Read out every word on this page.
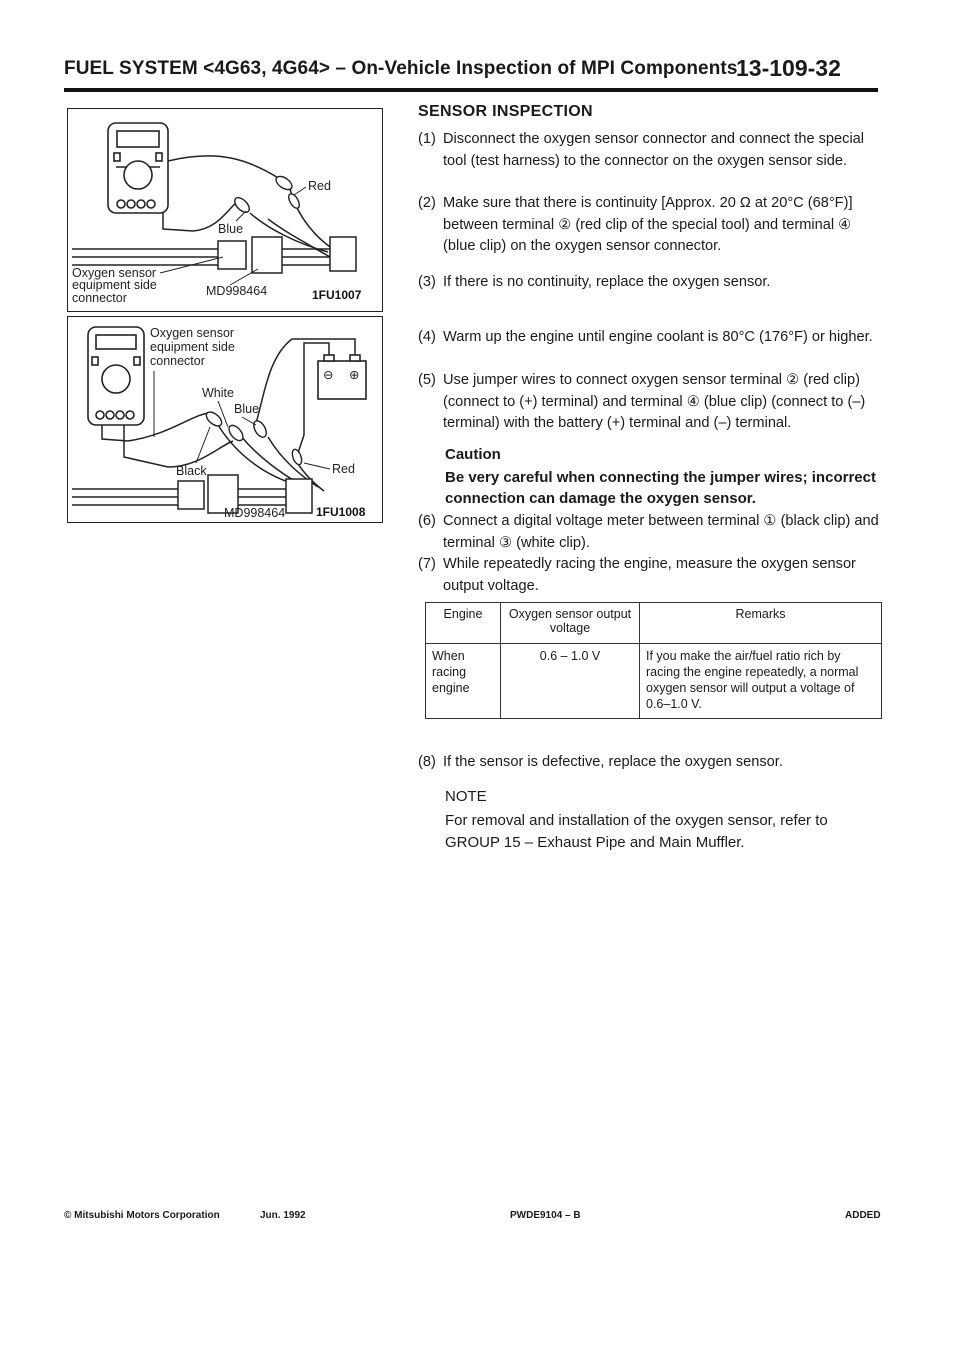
FUEL SYSTEM <4G63, 4G64> – On-Vehicle Inspection of MPI Components
13-109-32
Red
Blue
Oxygen sensor
equipment side
connector	MD998464	1FU1007
⊖ ⊕
Oxygen sensor
equipment side
connector
White
Blue
Black	Red
MD998464	1FU1008
SENSOR INSPECTION
(1) Disconnect the oxygen sensor connector and connect the special tool (test harness) to the connector on the oxygen sensor side.
(2) Make sure that there is continuity [Approx. 20 Ω at 20°C (68°F)] between terminal ② (red clip of the special tool) and terminal ④ (blue clip) on the oxygen sensor connector.
(3) If there is no continuity, replace the oxygen sensor.
(4) Warm up the engine until engine coolant is 80°C (176°F) or higher.
(5) Use jumper wires to connect oxygen sensor terminal ② (red clip) (connect to (+) terminal) and terminal ④ (blue clip) (connect to (–) terminal) with the battery (+) terminal and (–) terminal.
Caution
Be very careful when connecting the jumper wires; incorrect connection can damage the oxygen sensor.
(6) Connect a digital voltage meter between terminal ① (black clip) and terminal ③ (white clip).
(7) While repeatedly racing the engine, measure the oxygen sensor output voltage.
Engine	Oxygen sensor output voltage	Remarks
When racing engine	0.6 – 1.0 V	If you make the air/fuel ratio rich by racing the engine repeatedly, a normal oxygen sensor will output a voltage of 0.6–1.0 V.
(8) If the sensor is defective, replace the oxygen sensor.
NOTE
For removal and installation of the oxygen sensor, refer to GROUP 15 – Exhaust Pipe and Main Muffler.
© Mitsubishi Motors Corporation	Jun. 1992	PWDE9104 – B	ADDED
